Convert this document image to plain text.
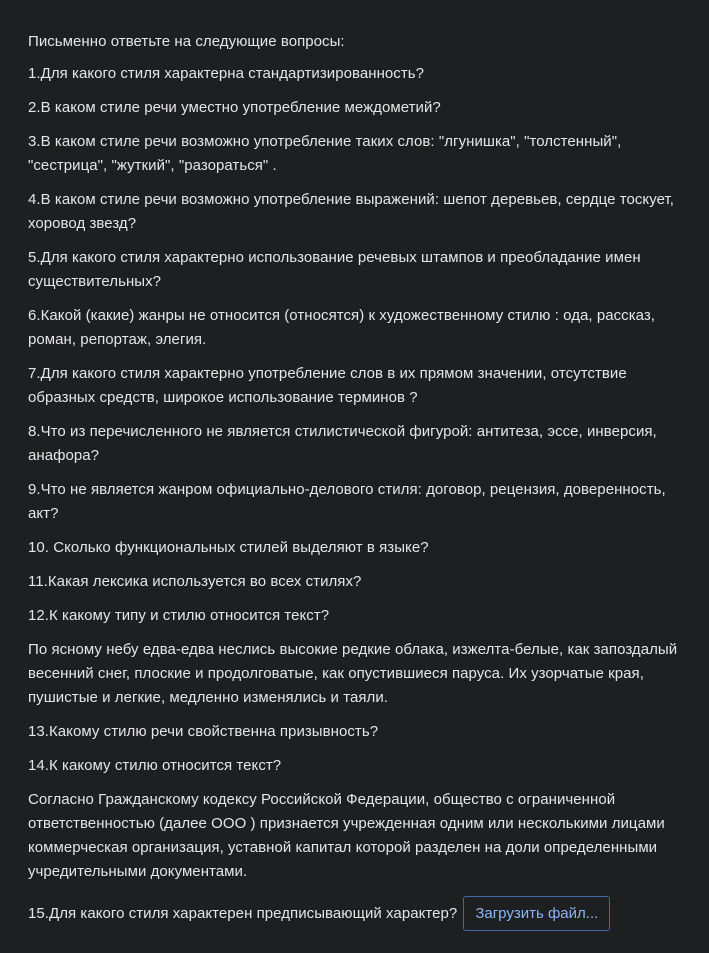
Письменно ответьте на следующие вопросы:
1.Для какого стиля характерна стандартизированность?
2.В каком стиле речи уместно употребление междометий?
3.В каком стиле речи возможно употребление таких слов: "лгунишка", "толстенный", "сестрица", "жуткий", "разораться" .
4.В каком стиле речи возможно употребление выражений: шепот деревьев, сердце тоскует, хоровод звезд?
5.Для какого стиля характерно использование речевых штампов и преобладание имен существительных?
6.Какой (какие) жанры не относится (относятся) к художественному стилю : ода, рассказ, роман, репортаж, элегия.
7.Для какого стиля характерно употребление слов в их прямом значении, отсутствие образных средств, широкое использование терминов ?
8.Что из перечисленного не является стилистической фигурой: антитеза, эссе, инверсия, анафора?
9.Что не является жанром официально-делового стиля: договор, рецензия, доверенность, акт?
10. Сколько функциональных стилей выделяют в языке?
11.Какая лексика используется во всех стилях?
12.К какому типу и стилю относится текст?
По ясному небу едва-едва неслись высокие редкие облака, изжелта-белые, как запоздалый весенний снег, плоские и продолговатые, как опустившиеся паруса. Их узорчатые края, пушистые и легкие, медленно изменялись и таяли.
13.Какому стилю речи свойственна призывность?
14.К какому стилю относится текст?
Согласно Гражданскому кодексу Российской Федерации, общество с ограниченной ответственностью (далее ООО ) признается учрежденная одним или несколькими лицами коммерческая организация, уставной капитал которой разделен на доли определенными учредительными документами.
15.Для какого стиля характерен предписывающий характер?	Загрузить файл...
